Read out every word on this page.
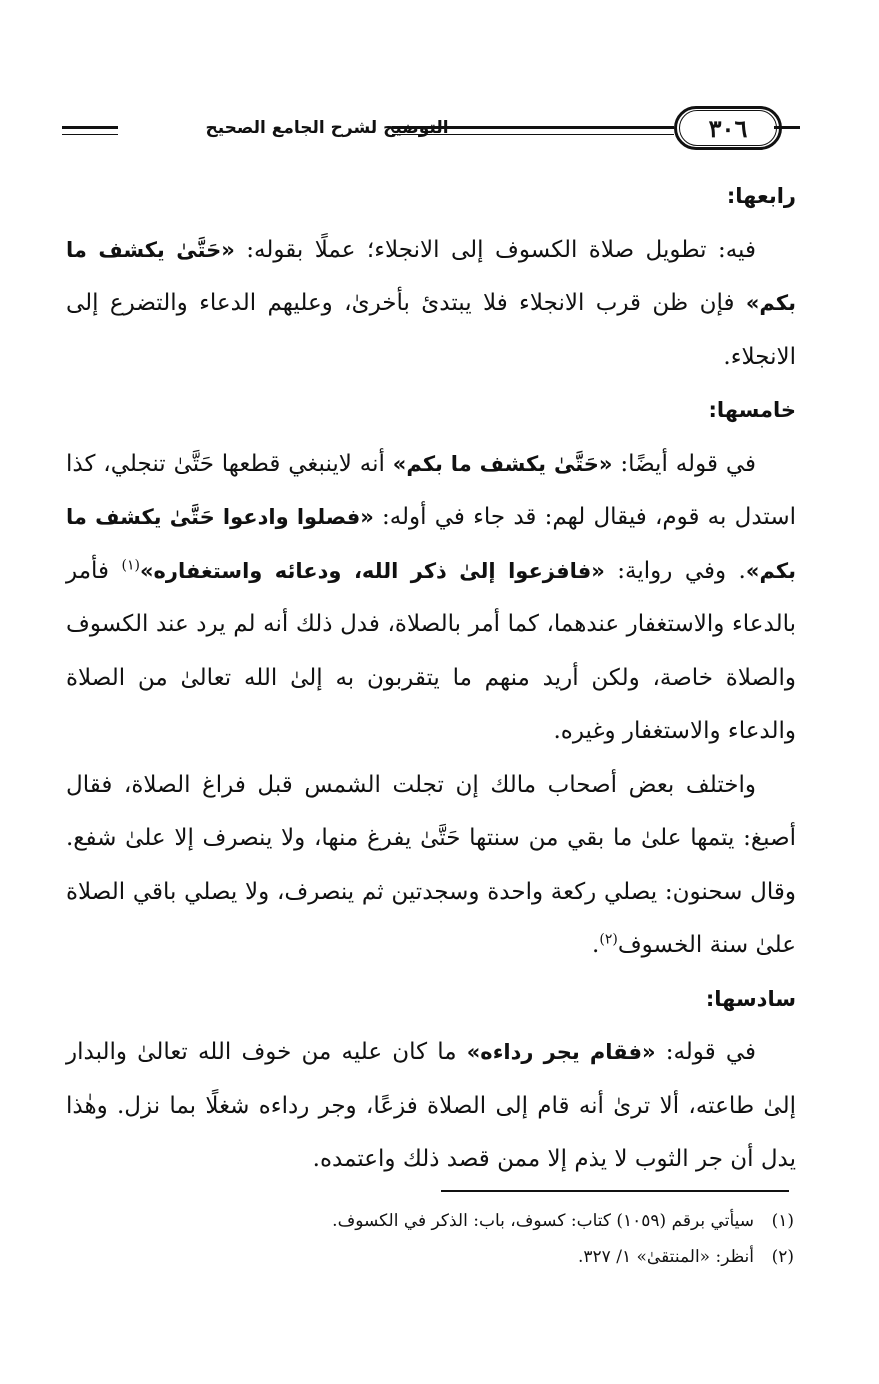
التوضيح لشرح الجامع الصحيح	٣٠٦

رابعها:

فيه: تطويل صلاة الكسوف إلى الانجلاء؛ عملًا بقوله: «حَتَّىٰ يكشف ما بكم» فإن ظن قرب الانجلاء فلا يبتدئ بأخرىٰ، وعليهم الدعاء والتضرع إلى الانجلاء.

خامسها:

في قوله أيضًا: «حَتَّىٰ يكشف ما بكم» أنه لاينبغي قطعها حَتَّىٰ تنجلي، كذا استدل به قوم، فيقال لهم: قد جاء في أوله: «فصلوا وادعوا حَتَّىٰ يكشف ما بكم». وفي رواية: «فافزعوا إلىٰ ذكر الله، ودعائه واستغفاره»$^{(١)}$ فأمر بالدعاء والاستغفار عندهما، كما أمر بالصلاة، فدل ذلك أنه لم يرد عند الكسوف والصلاة خاصة، ولكن أريد منهم ما يتقربون به إلىٰ الله تعالىٰ من الصلاة والدعاء والاستغفار وغيره.

واختلف بعض أصحاب مالك إن تجلت الشمس قبل فراغ الصلاة، فقال أصبغ: يتمها علىٰ ما بقي من سنتها حَتَّىٰ يفرغ منها، ولا ينصرف إلا علىٰ شفع. وقال سحنون: يصلي ركعة واحدة وسجدتين ثم ينصرف، ولا يصلي باقي الصلاة علىٰ سنة الخسوف$^{(٢)}$.

سادسها:

في قوله: «فقام يجر رداءه» ما كان عليه من خوف الله تعالىٰ والبدار إلىٰ طاعته، ألا ترىٰ أنه قام إلى الصلاة فزعًا، وجر رداءه شغلًا بما نزل. وهٰذا يدل أن جر الثوب لا يذم إلا ممن قصد ذلك واعتمده.

(١)
سيأتي برقم (١٠٥٩) كتاب: كسوف، باب: الذكر في الكسوف.
(٢)
أنظر: «المنتقىٰ» ١/ ٣٢٧.
